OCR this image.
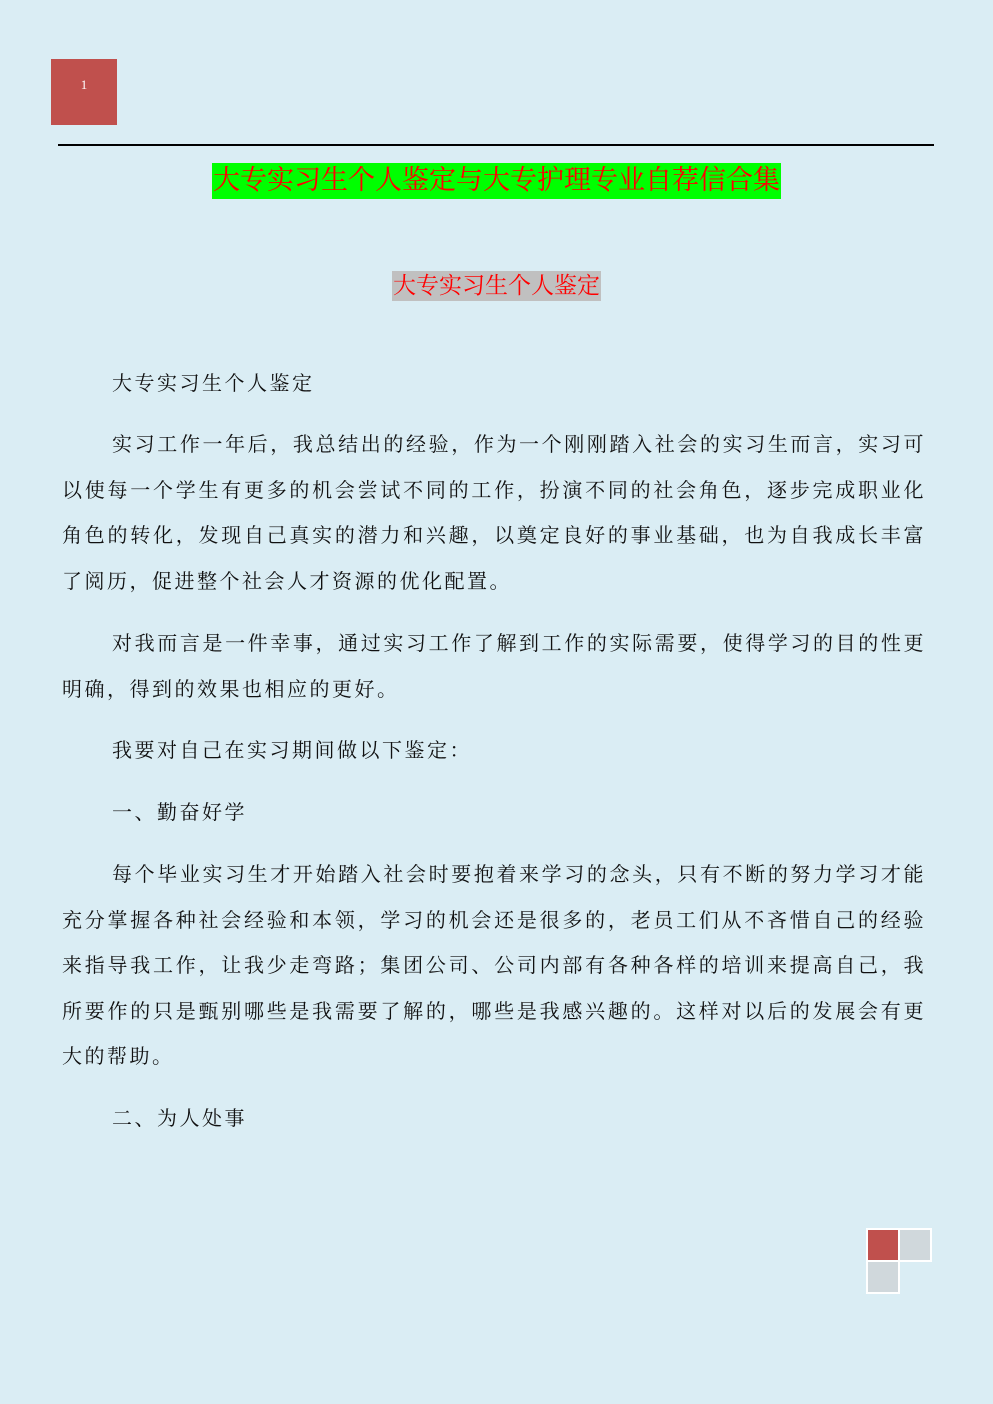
1
大专实习生个人鉴定与大专护理专业自荐信合集
大专实习生个人鉴定

大专实习生个人鉴定

实习工作一年后，我总结出的经验，作为一个刚刚踏入社会的实习生而言，实习可以使每一个学生有更多的机会尝试不同的工作，扮演不同的社会角色，逐步完成职业化角色的转化，发现自己真实的潜力和兴趣，以奠定良好的事业基础，也为自我成长丰富了阅历，促进整个社会人才资源的优化配置。

对我而言是一件幸事，通过实习工作了解到工作的实际需要，使得学习的目的性更明确，得到的效果也相应的更好。

我要对自己在实习期间做以下鉴定：

一、勤奋好学

每个毕业实习生才开始踏入社会时要抱着来学习的念头，只有不断的努力学习才能充分掌握各种社会经验和本领，学习的机会还是很多的，老员工们从不吝惜自己的经验来指导我工作，让我少走弯路；集团公司、公司内部有各种各样的培训来提高自己，我所要作的只是甄别哪些是我需要了解的，哪些是我感兴趣的。这样对以后的发展会有更大的帮助。

二、为人处事
